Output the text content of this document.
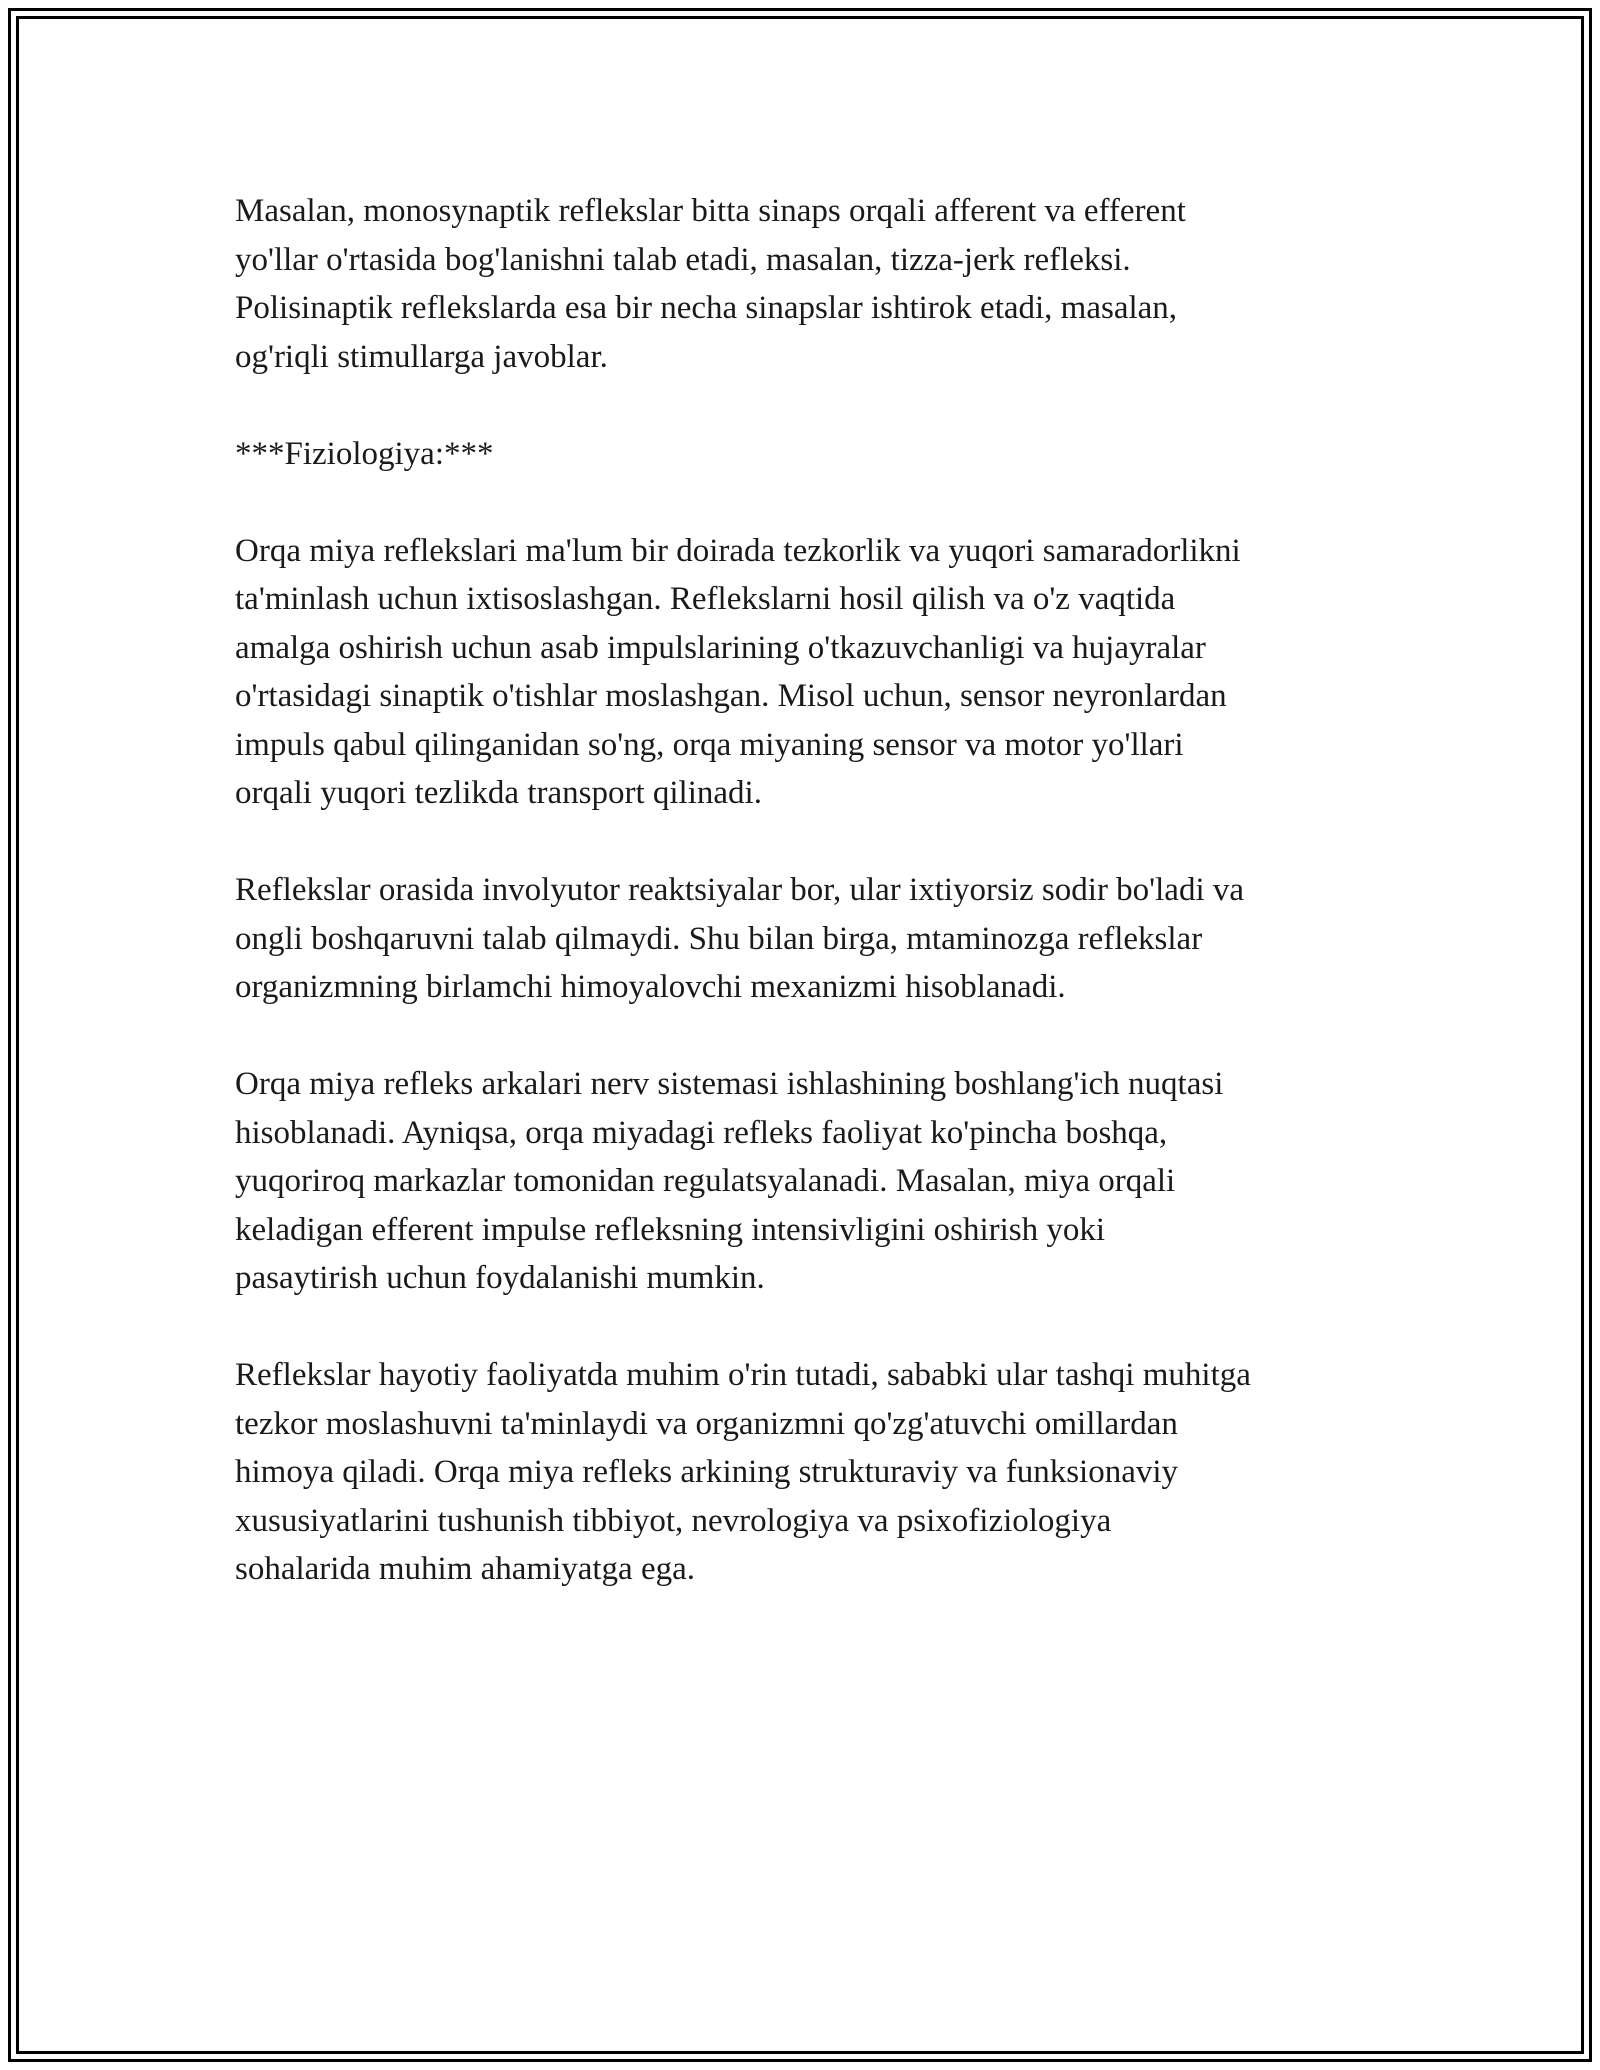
Masalan, monosynaptik reflekslar bitta sinaps orqali afferent va efferent
yo'llar o'rtasida bog'lanishni talab etadi, masalan, tizza-jerk refleksi.
Polisinaptik reflekslarda esa bir necha sinapslar ishtirok etadi, masalan,
og'riqli stimullarga javoblar.

***Fiziologiya:***

Orqa miya reflekslari ma'lum bir doirada tezkorlik va yuqori samaradorlikni
ta'minlash uchun ixtisoslashgan. Reflekslarni hosil qilish va o'z vaqtida
amalga oshirish uchun asab impulslarining o'tkazuvchanligi va hujayralar
o'rtasidagi sinaptik o'tishlar moslashgan. Misol uchun, sensor neyronlardan
impuls qabul qilinganidan so'ng, orqa miyaning sensor va motor yo'llari
orqali yuqori tezlikda transport qilinadi.

Reflekslar orasida involyutor reaktsiyalar bor, ular ixtiyorsiz sodir bo'ladi va
ongli boshqaruvni talab qilmaydi. Shu bilan birga, mtaminozga reflekslar
organizmning birlamchi himoyalovchi mexanizmi hisoblanadi.

Orqa miya refleks arkalari nerv sistemasi ishlashining boshlang'ich nuqtasi
hisoblanadi. Ayniqsa, orqa miyadagi refleks faoliyat ko'pincha boshqa,
yuqoriroq markazlar tomonidan regulatsyalanadi. Masalan, miya orqali
keladigan efferent impulse refleksning intensivligini oshirish yoki
pasaytirish uchun foydalanishi mumkin.

Reflekslar hayotiy faoliyatda muhim o'rin tutadi, sababki ular tashqi muhitga
tezkor moslashuvni ta'minlaydi va organizmni qo'zg'atuvchi omillardan
himoya qiladi. Orqa miya refleks arkining strukturaviy va funksionaviy
xususiyatlarini tushunish tibbiyot, nevrologiya va psixofiziologiya
sohalarida muhim ahamiyatga ega.
